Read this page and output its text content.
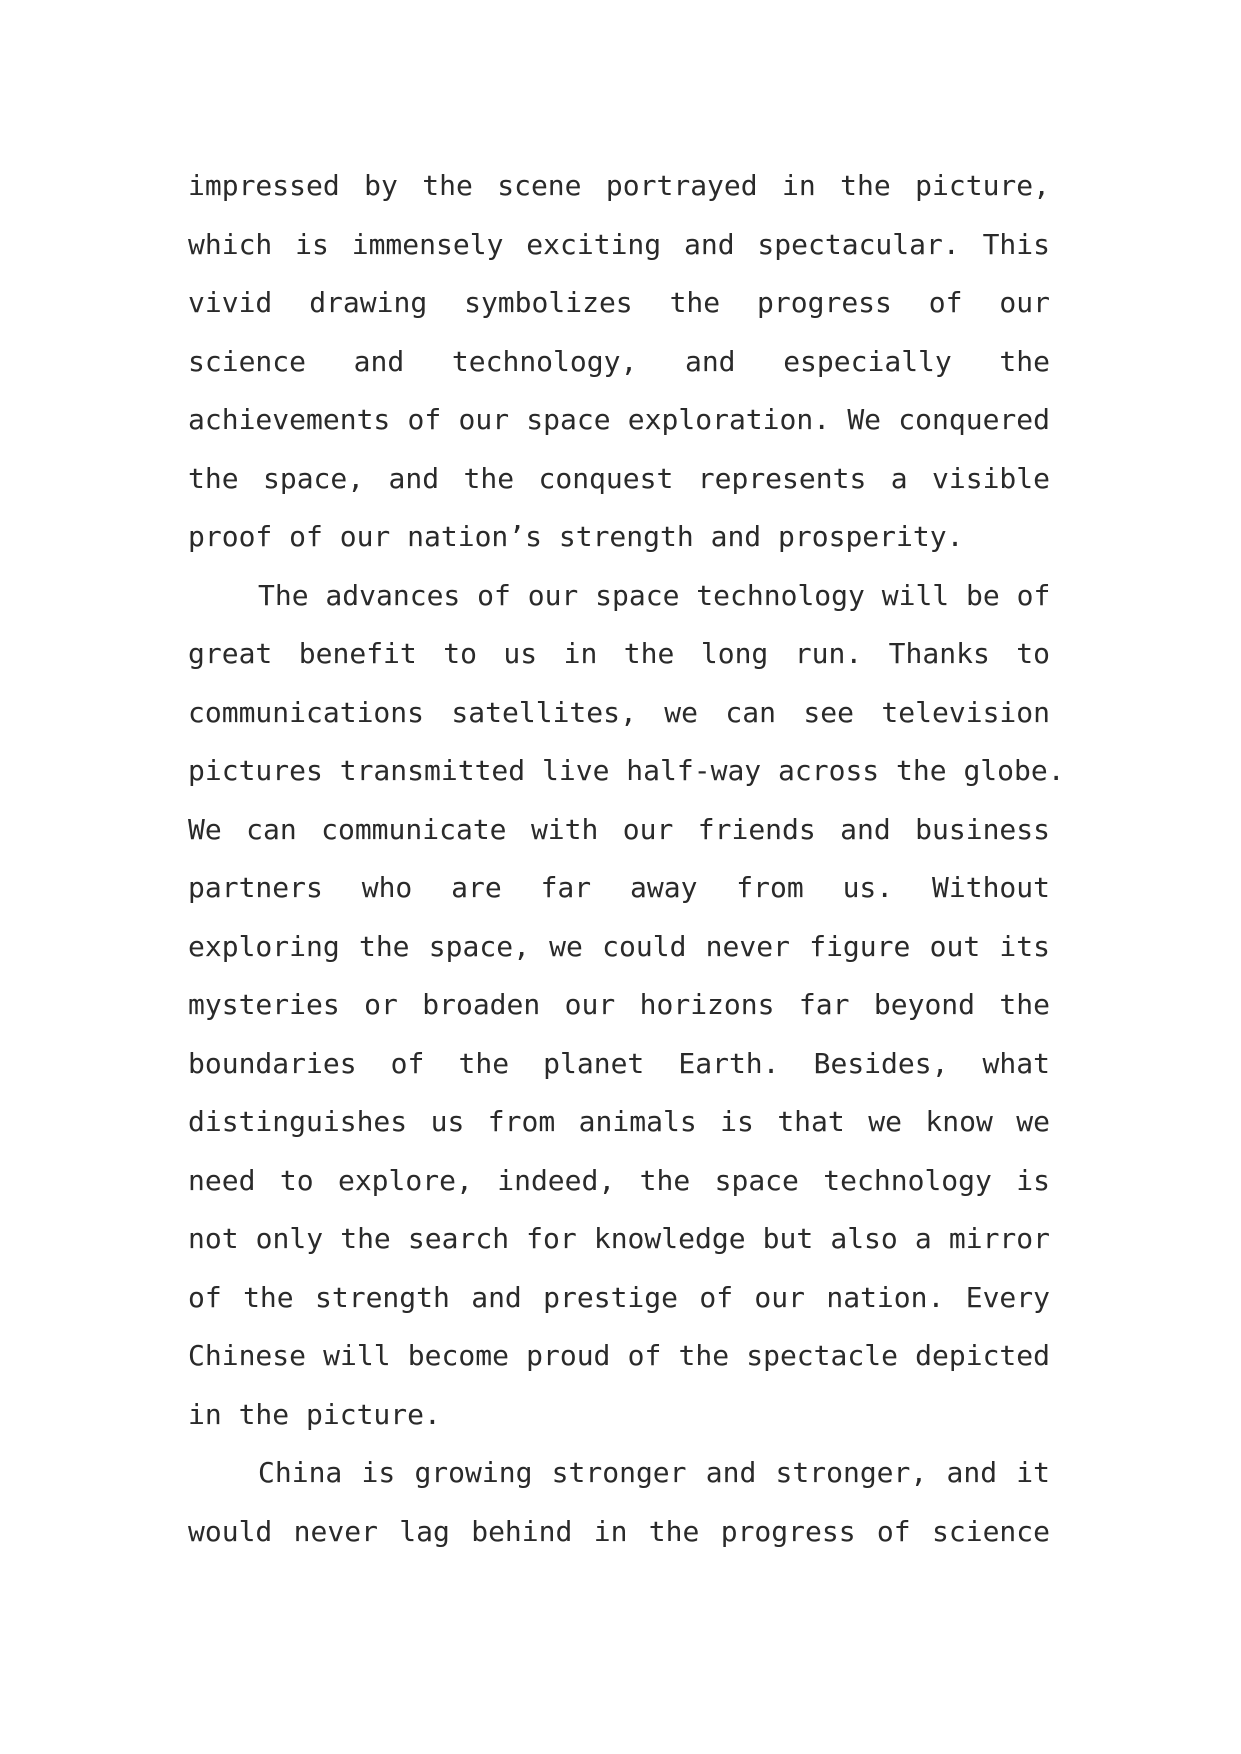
impressed by the scene portrayed in the picture,
which is immensely exciting and spectacular. This
vivid drawing symbolizes the progress of our
science and technology, and especially the
achievements of our space exploration. We conquered
the space, and the conquest represents a visible
proof of our nation’s strength and prosperity.
The advances of our space technology will be of
great benefit to us in the long run. Thanks to
communications satellites, we can see television
pictures transmitted live half-way across the globe.
We can communicate with our friends and business
partners who are far away from us. Without
exploring the space, we could never figure out its
mysteries or broaden our horizons far beyond the
boundaries of the planet Earth. Besides, what
distinguishes us from animals is that we know we
need to explore, indeed, the space technology is
not only the search for knowledge but also a mirror
of the strength and prestige of our nation. Every
Chinese will become proud of the spectacle depicted
in the picture.
China is growing stronger and stronger, and it
would never lag behind in the progress of science
